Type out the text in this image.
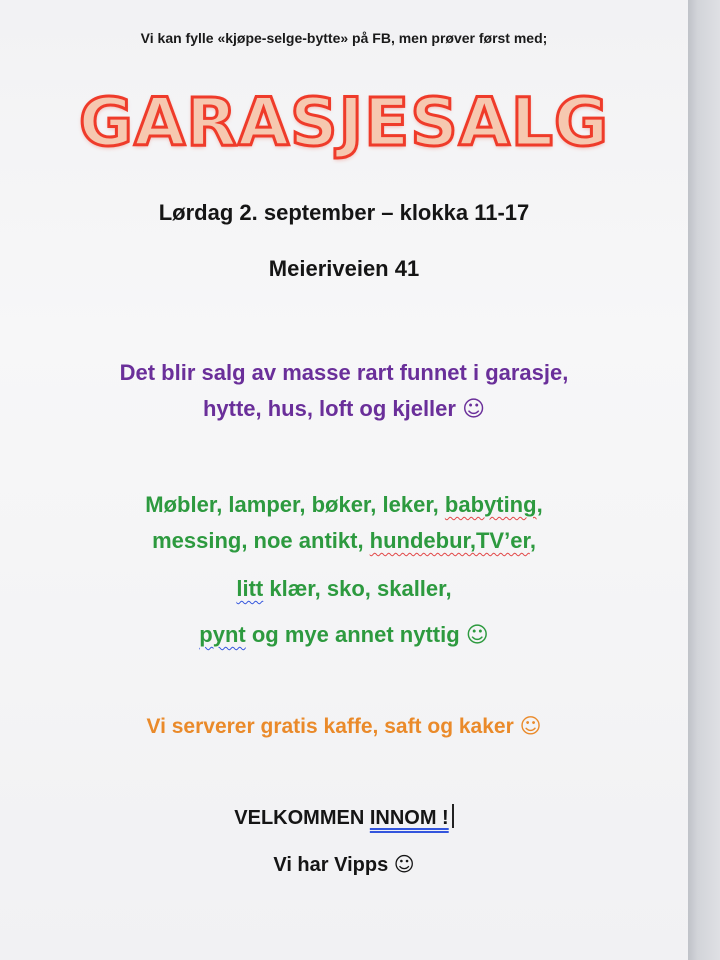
Vi kan fylle «kjøpe-selge-bytte» på FB, men prøver først med;
GARASJESALG
Lørdag 2. september – klokka 11-17
Meieriveien 41
Det blir salg av masse rart funnet i garasje,
hytte, hus, loft og kjeller ☺
Møbler, lamper, bøker, leker, babyting,
messing, noe antikt, hundebur,TV’er,
litt klær, sko, skaller,
pynt og mye annet nyttig ☺
Vi serverer gratis kaffe, saft og kaker ☺
VELKOMMEN INNOM !
Vi har Vipps ☺
